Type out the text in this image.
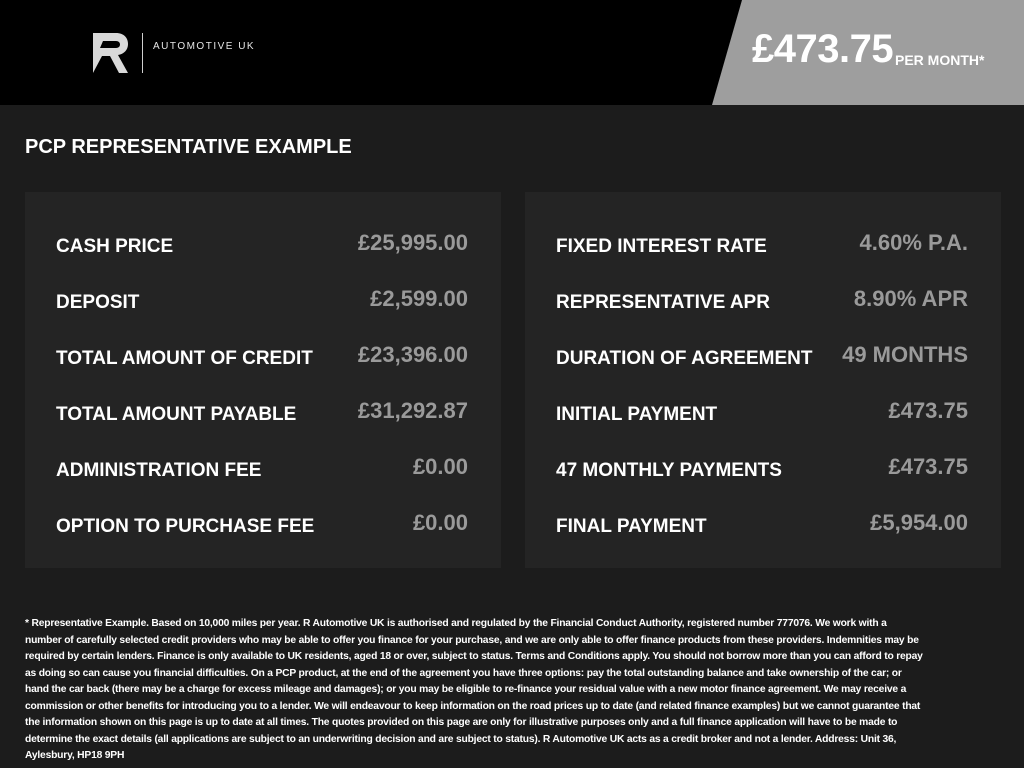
AUTOMOTIVE UK	£473.75 PER MONTH*
PCP REPRESENTATIVE EXAMPLE
CASH PRICE	£25,995.00
DEPOSIT	£2,599.00
TOTAL AMOUNT OF CREDIT £23,396.00
TOTAL AMOUNT PAYABLE	£31,292.87
ADMINISTRATION FEE	£0.00
OPTION TO PURCHASE FEE	£0.00
FIXED INTEREST RATE	4.60% P.A.
REPRESENTATIVE APR	8.90% APR
DURATION OF AGREEMENT 49 MONTHS
INITIAL PAYMENT	£473.75
47 MONTHLY PAYMENTS	£473.75
FINAL PAYMENT	£5,954.00
* Representative Example. Based on 10,000 miles per year. R Automotive UK is authorised and regulated by the Financial Conduct Authority, registered number 777076. We work with a number of carefully selected credit providers who may be able to offer you finance for your purchase, and we are only able to offer finance products from these providers. Indemnities may be required by certain lenders. Finance is only available to UK residents, aged 18 or over, subject to status. Terms and Conditions apply. You should not borrow more than you can afford to repay as doing so can cause you financial difficulties. On a PCP product, at the end of the agreement you have three options: pay the total outstanding balance and take ownership of the car; or hand the car back (there may be a charge for excess mileage and damages); or you may be eligible to re-finance your residual value with a new motor finance agreement. We may receive a commission or other benefits for introducing you to a lender. We will endeavour to keep information on the road prices up to date (and related finance examples) but we cannot guarantee that the information shown on this page is up to date at all times. The quotes provided on this page are only for illustrative purposes only and a full finance application will have to be made to determine the exact details (all applications are subject to an underwriting decision and are subject to status). R Automotive UK acts as a credit broker and not a lender. Address: Unit 36, Aylesbury, HP18 9PH
